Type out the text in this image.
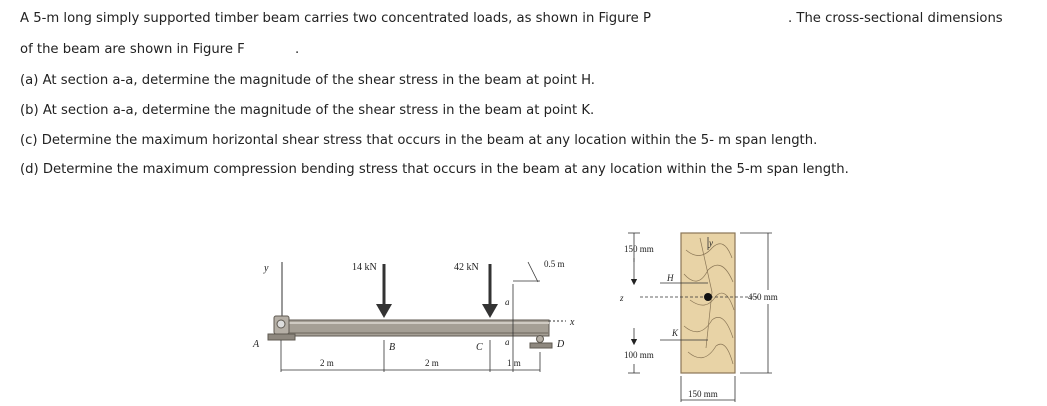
A 5-m long simply supported timber beam carries two concentrated loads, as shown in Figure P	. The cross-sectional dimensions
of the beam are shown in Figure F	.
(a) At section a-a, determine the magnitude of the shear stress in the beam at point H.
(b) At section a-a, determine the magnitude of the shear stress in the beam at point K.
(c) Determine the maximum horizontal shear stress that occurs in the beam at any location within the 5- m span length.
(d) Determine the maximum compression bending stress that occurs in the beam at any location within the 5-m span length.
y
A	D
x
14 kN
B
42 kN
C
a
a
0.5 m
2 m	2 m	1 m
z
y
H
K
150 mm
100 mm
450 mm
150 mm
